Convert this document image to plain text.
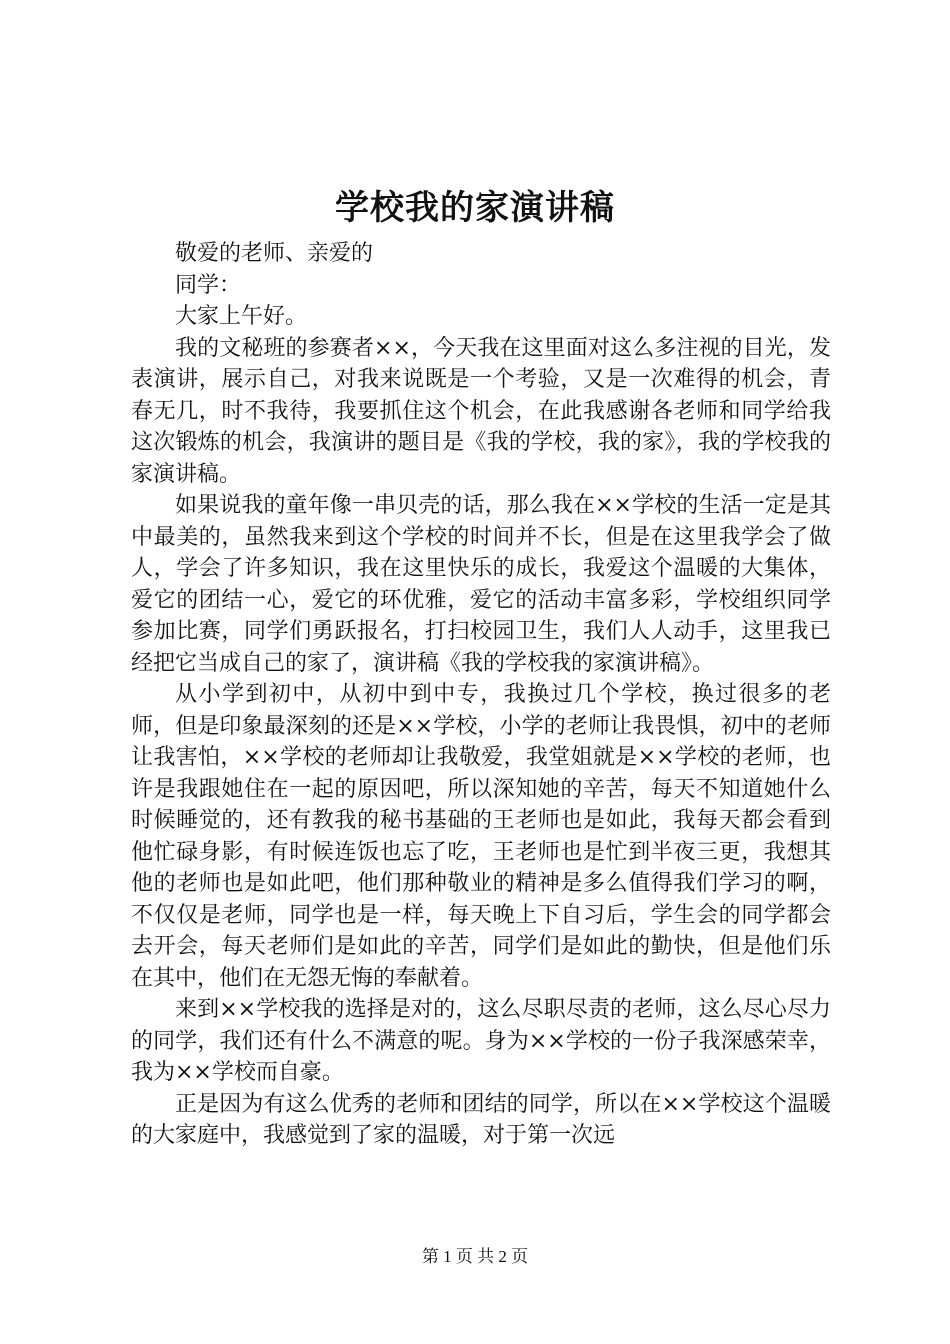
学校我的家演讲稿

敬爱的老师、亲爱的

同学：

大家上午好。

我的文秘班的参赛者××，今天我在这里面对这么多注视的目光，发表演讲，展示自己，对我来说既是一个考验，又是一次难得的机会，青春无几，时不我待，我要抓住这个机会，在此我感谢各老师和同学给我这次锻炼的机会，我演讲的题目是《我的学校，我的家》，我的学校我的家演讲稿。

如果说我的童年像一串贝壳的话，那么我在××学校的生活一定是其中最美的，虽然我来到这个学校的时间并不长，但是在这里我学会了做人，学会了许多知识，我在这里快乐的成长，我爱这个温暖的大集体，爱它的团结一心，爱它的环优雅，爱它的活动丰富多彩，学校组织同学参加比赛，同学们勇跃报名，打扫校园卫生，我们人人动手，这里我已经把它当成自己的家了，演讲稿《我的学校我的家演讲稿》。

从小学到初中，从初中到中专，我换过几个学校，换过很多的老师，但是印象最深刻的还是××学校，小学的老师让我畏惧，初中的老师让我害怕，××学校的老师却让我敬爱，我堂姐就是××学校的老师，也许是我跟她住在一起的原因吧，所以深知她的辛苦，每天不知道她什么时候睡觉的，还有教我的秘书基础的王老师也是如此，我每天都会看到他忙碌身影，有时候连饭也忘了吃，王老师也是忙到半夜三更，我想其他的老师也是如此吧，他们那种敬业的精神是多么值得我们学习的啊，不仅仅是老师，同学也是一样，每天晚上下自习后，学生会的同学都会去开会，每天老师们是如此的辛苦，同学们是如此的勤快，但是他们乐在其中，他们在无怨无悔的奉献着。

来到××学校我的选择是对的，这么尽职尽责的老师，这么尽心尽力的同学，我们还有什么不满意的呢。身为××学校的一份子我深感荣幸，我为××学校而自豪。

正是因为有这么优秀的老师和团结的同学，所以在××学校这个温暖的大家庭中，我感觉到了家的温暖，对于第一次远

第 1 页 共 2 页
